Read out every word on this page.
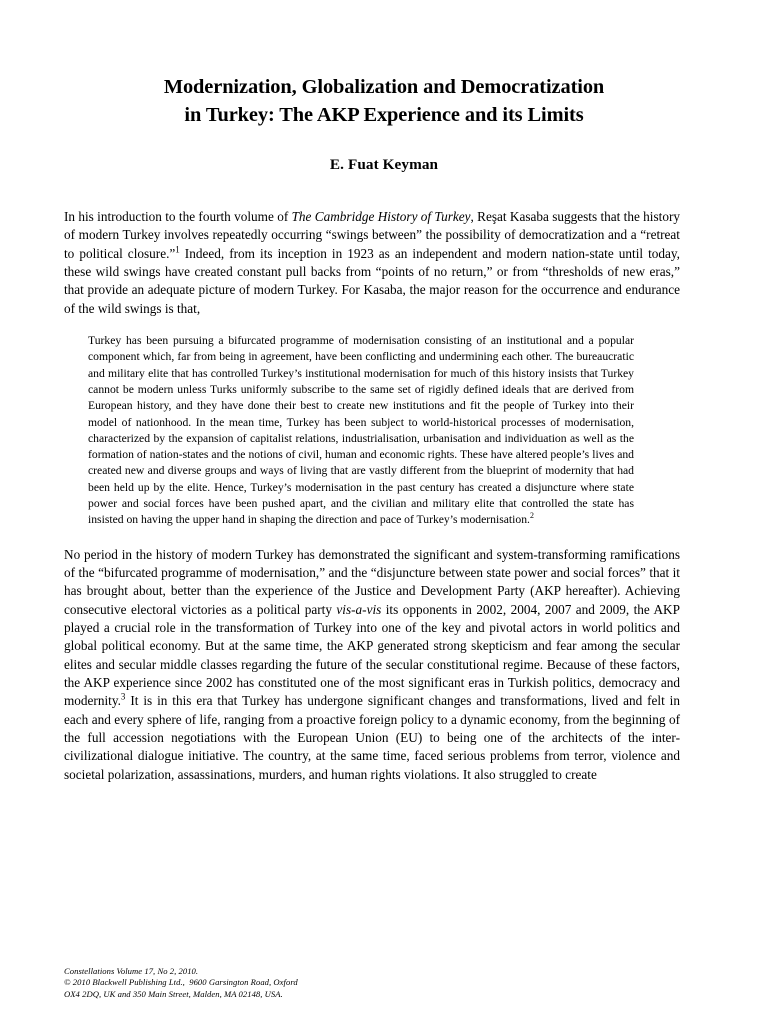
Modernization, Globalization and Democratization
in Turkey: The AKP Experience and its Limits
E. Fuat Keyman

In his introduction to the fourth volume of The Cambridge History of Turkey, Reşat Kasaba suggests that the history of modern Turkey involves repeatedly occurring “swings between” the possibility of democratization and a “retreat to political closure.”$^1$ Indeed, from its inception in 1923 as an independent and modern nation-state until today, these wild swings have created constant pull backs from “points of no return,” or from “thresholds of new eras,” that provide an adequate picture of modern Turkey. For Kasaba, the major reason for the occurrence and endurance of the wild swings is that,

Turkey has been pursuing a bifurcated programme of modernisation consisting of an institutional and a popular component which, far from being in agreement, have been conflicting and undermining each other. The bureaucratic and military elite that has controlled Turkey’s institutional modernisation for much of this history insists that Turkey cannot be modern unless Turks uniformly subscribe to the same set of rigidly defined ideals that are derived from European history, and they have done their best to create new institutions and fit the people of Turkey into their model of nationhood. In the mean time, Turkey has been subject to world-historical processes of modernisation, characterized by the expansion of capitalist relations, industrialisation, urbanisation and individuation as well as the formation of nation-states and the notions of civil, human and economic rights. These have altered people’s lives and created new and diverse groups and ways of living that are vastly different from the blueprint of modernity that had been held up by the elite. Hence, Turkey’s modernisation in the past century has created a disjuncture where state power and social forces have been pushed apart, and the civilian and military elite that controlled the state has insisted on having the upper hand in shaping the direction and pace of Turkey’s modernisation.$^2$

No period in the history of modern Turkey has demonstrated the significant and system-transforming ramifications of the “bifurcated programme of modernisation,” and the “disjuncture between state power and social forces” that it has brought about, better than the experience of the Justice and Development Party (AKP hereafter). Achieving consecutive electoral victories as a political party vis-a-vis its opponents in 2002, 2004, 2007 and 2009, the AKP played a crucial role in the transformation of Turkey into one of the key and pivotal actors in world politics and global political economy. But at the same time, the AKP generated strong skepticism and fear among the secular elites and secular middle classes regarding the future of the secular constitutional regime. Because of these factors, the AKP experience since 2002 has constituted one of the most significant eras in Turkish politics, democracy and modernity.$^3$ It is in this era that Turkey has undergone significant changes and transformations, lived and felt in each and every sphere of life, ranging from a proactive foreign policy to a dynamic economy, from the beginning of the full accession negotiations with the European Union (EU) to being one of the architects of the inter-civilizational dialogue initiative. The country, at the same time, faced serious problems from terror, violence and societal polarization, assassinations, murders, and human rights violations. It also struggled to create

Constellations Volume 17, No 2, 2010.
© 2010 Blackwell Publishing Ltd.,  9600 Garsington Road, Oxford
OX4 2DQ, UK and 350 Main Street, Malden, MA 02148, USA.
